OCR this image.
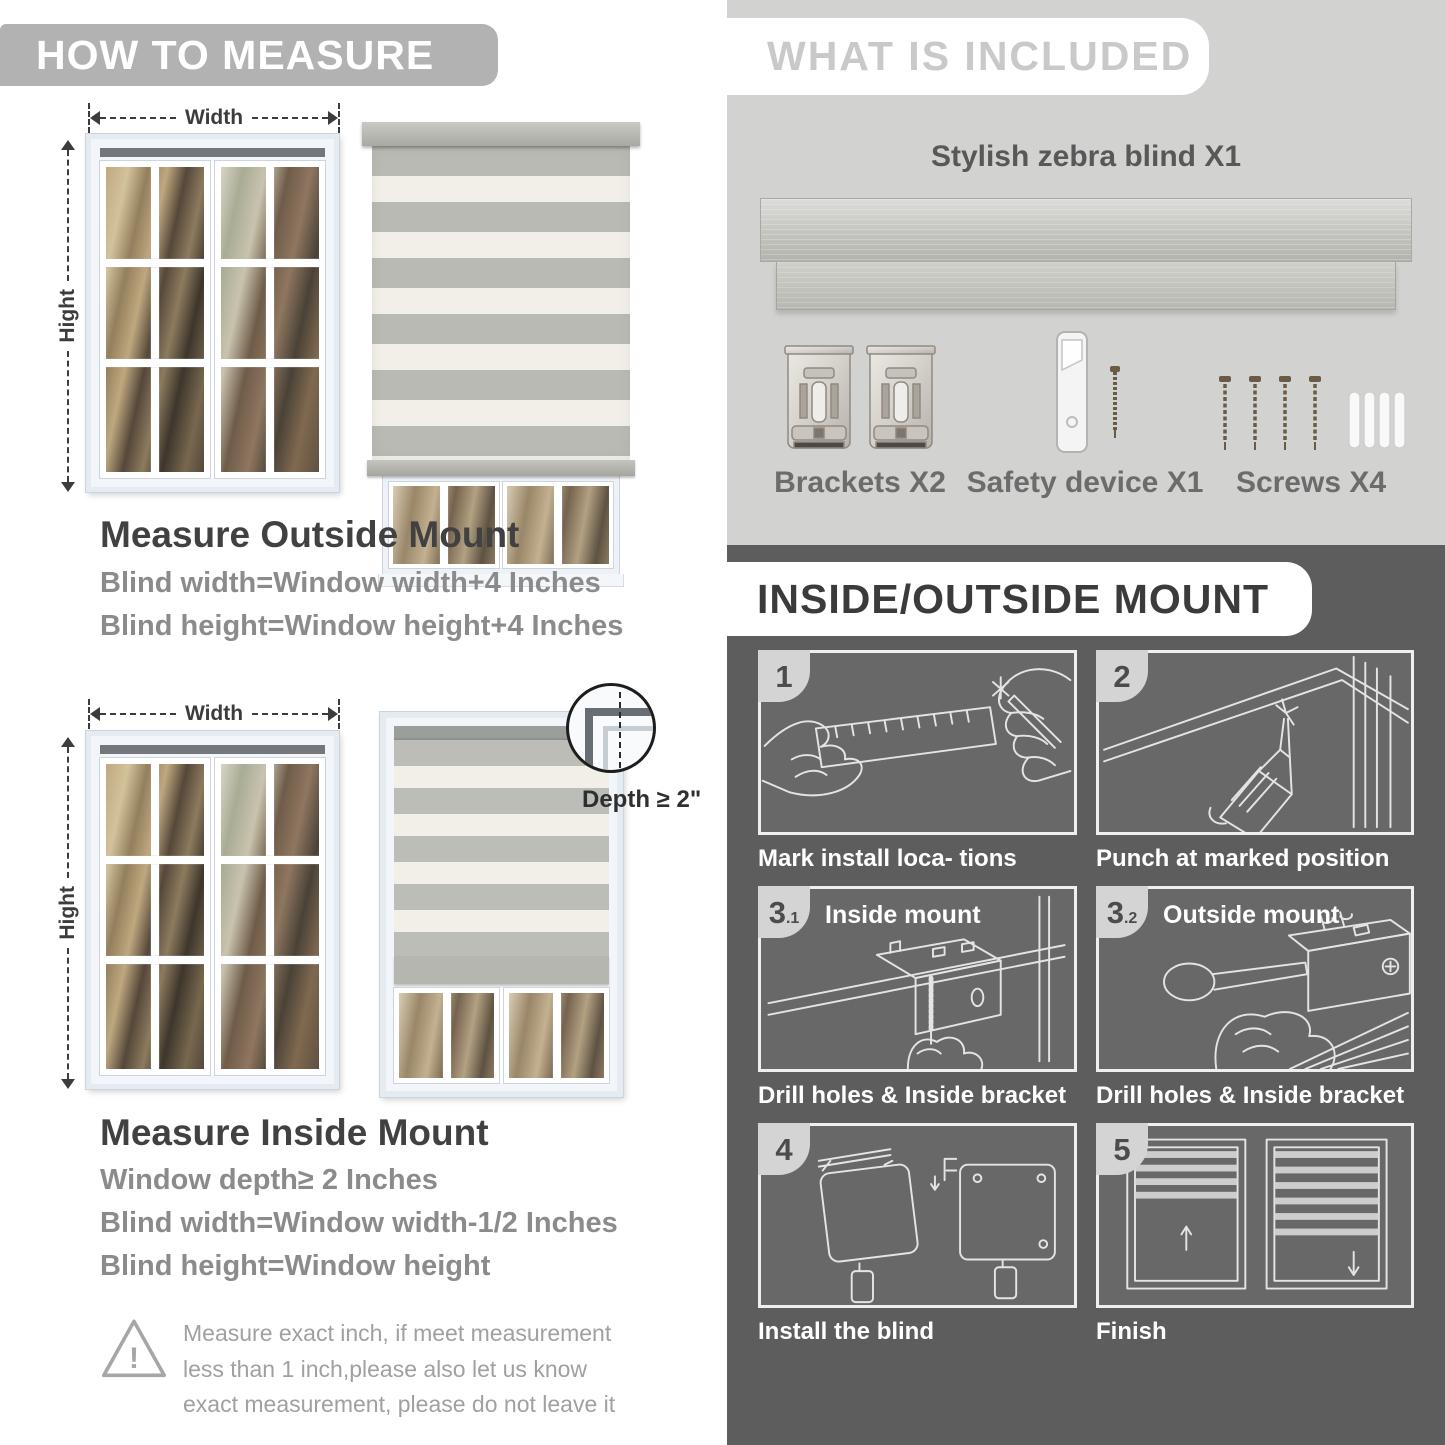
HOW TO MEASURE
Width
Hight
Measure Outside Mount
Blind width=Window width+4 Inches
Blind height=Window height+4 Inches
Width
Hight
Depth ≥ 2"
Measure Inside Mount
Window depth≥ 2 Inches
Blind width=Window width-1/2 Inches
Blind height=Window height
!
Measure exact inch, if meet measurement less than 1 inch,please also let us know exact measurement, please do not leave it
WHAT IS INCLUDED
Stylish zebra blind X1
Brackets X2 Safety device X1	Screws X4
INSIDE/OUTSIDE MOUNT
1
Mark install loca- tions
2
Punch at marked position
3 .1 Inside mount
Drill holes & Inside bracket
3 .2 Outside mount
Drill holes & Inside bracket
4
Install the blind
5
Finish
